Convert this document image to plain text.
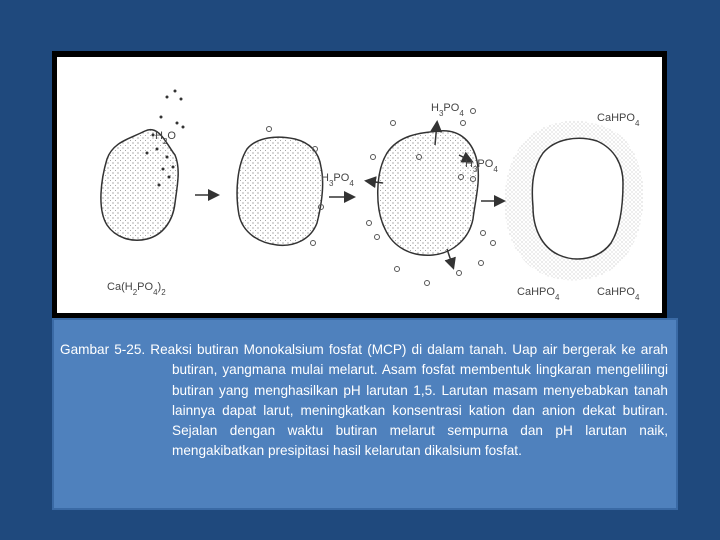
$H_2O$
$Ca(H_2PO_4)_2$
$H_3PO_4$
$H_3PO_4$
$H_3PO_4$
CaHPO$_4$
CaHPO$_4$	CaHPO$_4$

Gambar 5-25. Reaksi butiran Monokalsium fosfat (MCP) di dalam tanah. Uap air bergerak ke arah butiran, yangmana mulai melarut. Asam fosfat membentuk lingkaran mengelilingi butiran yang menghasilkan pH larutan 1,5. Larutan masam menyebabkan tanah lainnya dapat larut, meningkatkan konsentrasi kation dan anion dekat butiran. Sejalan dengan waktu butiran melarut sempurna dan pH larutan naik, mengakibatkan presipitasi hasil kelarutan dikalsium fosfat.
